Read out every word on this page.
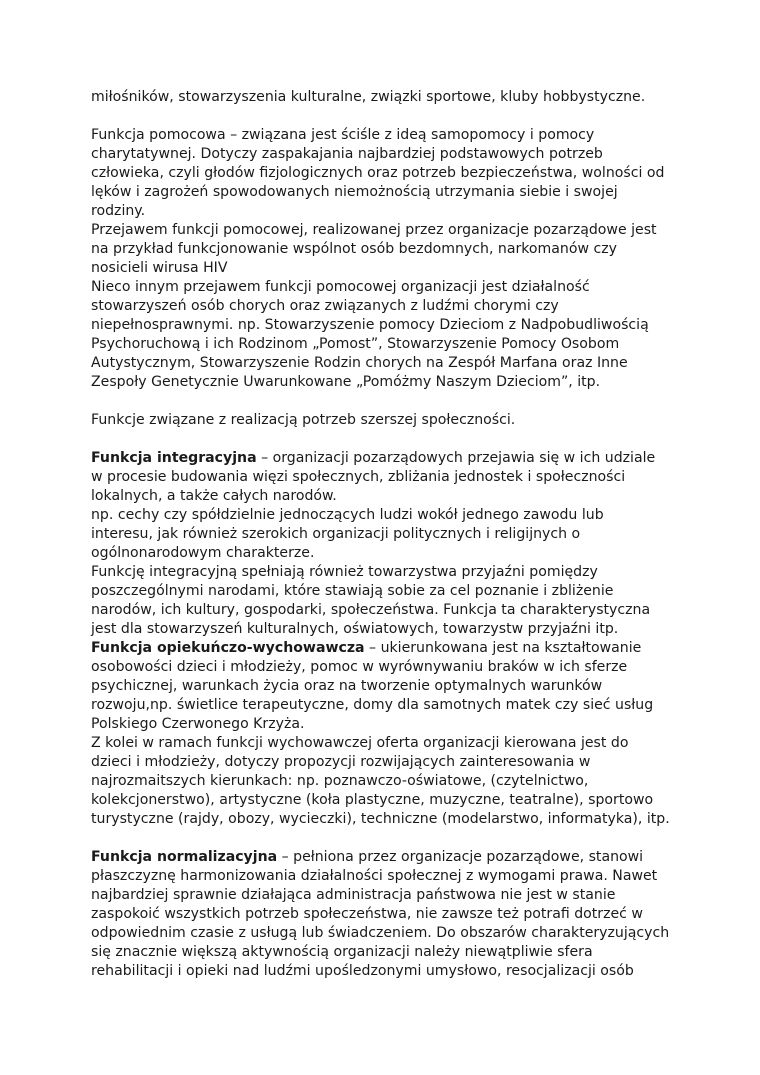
miłośników, stowarzyszenia kulturalne, związki sportowe, kluby hobbystyczne.
Funkcja pomocowa – związana jest ściśle z ideą samopomocy i pomocy
charytatywnej. Dotyczy zaspakajania najbardziej podstawowych potrzeb
człowieka, czyli głodów fizjologicznych oraz potrzeb bezpieczeństwa, wolności od
lęków i zagrożeń spowodowanych niemożnością utrzymania siebie i swojej
rodziny.
Przejawem funkcji pomocowej, realizowanej przez organizacje pozarządowe jest
na przykład funkcjonowanie wspólnot osób bezdomnych, narkomanów czy
nosicieli wirusa HIV
Nieco innym przejawem funkcji pomocowej organizacji jest działalność
stowarzyszeń osób chorych oraz związanych z ludźmi chorymi czy
niepełnosprawnymi. np. Stowarzyszenie pomocy Dzieciom z Nadpobudliwością
Psychoruchową i ich Rodzinom „Pomost”, Stowarzyszenie Pomocy Osobom
Autystycznym, Stowarzyszenie Rodzin chorych na Zespół Marfana oraz Inne
Zespoły Genetycznie Uwarunkowane „Pomóżmy Naszym Dzieciom”, itp.
Funkcje związane z realizacją potrzeb szerszej społeczności.
Funkcja integracyjna – organizacji pozarządowych przejawia się w ich udziale
w procesie budowania więzi społecznych, zbliżania jednostek i społeczności
lokalnych, a także całych narodów.
np. cechy czy spółdzielnie jednoczących ludzi wokół jednego zawodu lub
interesu, jak również szerokich organizacji politycznych i religijnych o
ogólnonarodowym charakterze.
Funkcję integracyjną spełniają również towarzystwa przyjaźni pomiędzy
poszczególnymi narodami, które stawiają sobie za cel poznanie i zbliżenie
narodów, ich kultury, gospodarki, społeczeństwa. Funkcja ta charakterystyczna
jest dla stowarzyszeń kulturalnych, oświatowych, towarzystw przyjaźni itp.
Funkcja opiekuńczo-wychowawcza – ukierunkowana jest na kształtowanie
osobowości dzieci i młodzieży, pomoc w wyrównywaniu braków w ich sferze
psychicznej, warunkach życia oraz na tworzenie optymalnych warunków
rozwoju,np. świetlice terapeutyczne, domy dla samotnych matek czy sieć usług
Polskiego Czerwonego Krzyża.
Z kolei w ramach funkcji wychowawczej oferta organizacji kierowana jest do
dzieci i młodzieży, dotyczy propozycji rozwijających zainteresowania w
najrozmaitszych kierunkach: np. poznawczo-oświatowe, (czytelnictwo,
kolekcjonerstwo), artystyczne (koła plastyczne, muzyczne, teatralne), sportowo
turystyczne (rajdy, obozy, wycieczki), techniczne (modelarstwo, informatyka), itp.
Funkcja normalizacyjna – pełniona przez organizacje pozarządowe, stanowi
płaszczyznę harmonizowania działalności społecznej z wymogami prawa. Nawet
najbardziej sprawnie działająca administracja państwowa nie jest w stanie
zaspokoić wszystkich potrzeb społeczeństwa, nie zawsze też potrafi dotrzeć w
odpowiednim czasie z usługą lub świadczeniem. Do obszarów charakteryzujących
się znacznie większą aktywnością organizacji należy niewątpliwie sfera
rehabilitacji i opieki nad ludźmi upośledzonymi umysłowo, resocjalizacji osób
